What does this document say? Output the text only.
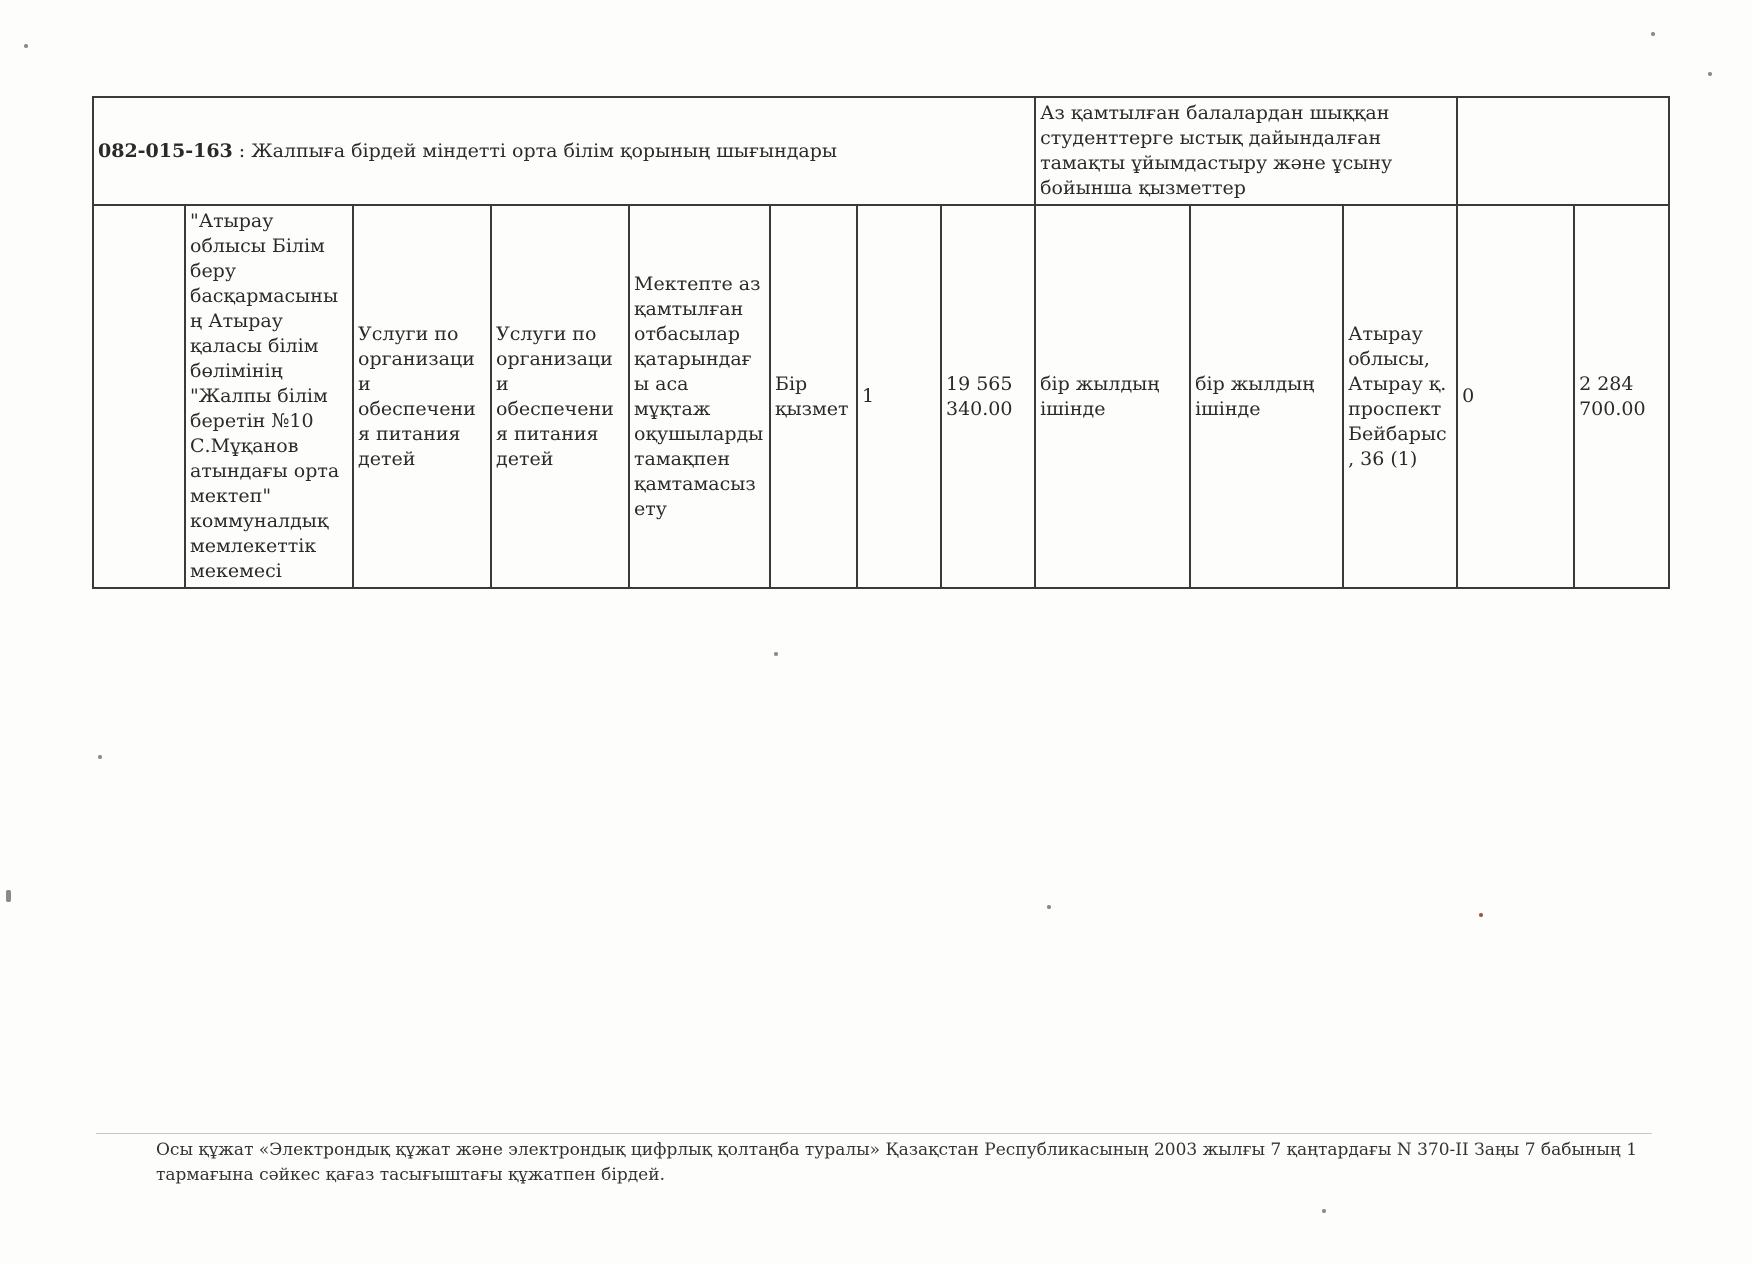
082-015-163 : Жалпыға бірдей міндетті орта білім қорының шығындары								Аз қамтылған балалардан шыққан студенттерге ыстық дайындалған тамақты ұйымдастыру және ұсыну бойынша қызметтер				
	"Атырау облысы Білім беру басқармасының Атырау қаласы білім бөлімінің "Жалпы білім беретін №10 С.Мұқанов атындағы орта мектеп" коммуналдық мемлекеттік мекемесі	Услуги по организации обеспечения питания детей	Услуги по организации обеспечения питания детей	Мектепте аз қамтылған отбасылар қатарындағы аса мұқтаж оқушыларды тамақпен қамтамасыз ету	Бір қызмет	1	19 565 340.00	бір жылдың ішінде	бір жылдың ішінде	Атырау облысы, Атырау қ. проспект Бейбарыс, 36 (1)	0	2 284 700.00
Осы құжат «Электрондық құжат және электрондық цифрлық қолтаңба туралы» Қазақстан Республикасының 2003 жылғы 7 қаңтардағы N 370-II Заңы 7 бабының 1 тармағына сәйкес қағаз тасығыштағы құжатпен бірдей.
